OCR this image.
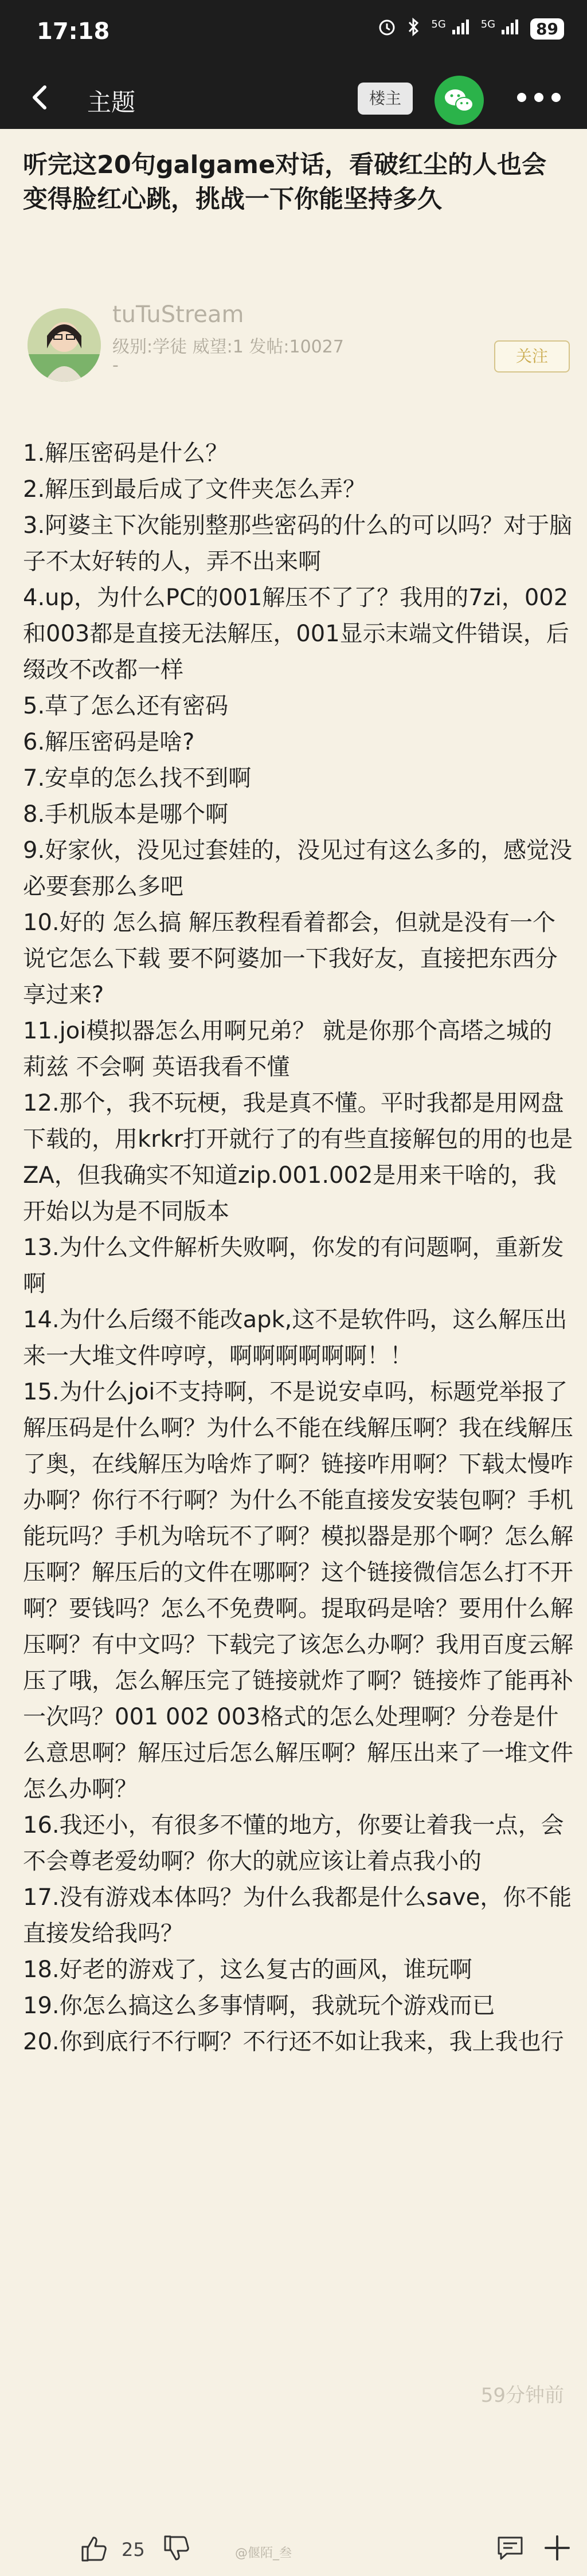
17:18	$^{5G}$	$^{5G}$	89
主题	楼主
听完这20句galgame对话，看破红尘的人也会变得脸红心跳，挑战一下你能坚持多久
tuTuStream
级别:学徒 威望:1 发帖:10027
-	关注

1.解压密码是什么？

2.解压到最后成了文件夹怎么弄？

3.阿婆主下次能别整那些密码的什么的可以吗？对于脑子不太好转的人，弄不出来啊

4.up，为什么PC的001解压不了了？我用的7zi，002和003都是直接无法解压，001显示末端文件错误，后缀改不改都一样

5.草了怎么还有密码

6.解压密码是啥?

7.安卓的怎么找不到啊

8.手机版本是哪个啊

9.好家伙，没见过套娃的，没见过有这么多的，感觉没必要套那么多吧

10.好的 怎么搞 解压教程看着都会，但就是没有一个说它怎么下载 要不阿婆加一下我好友，直接把东西分享过来?

11.joi模拟器怎么用啊兄弟？ 就是你那个高塔之城的莉兹 不会啊 英语我看不懂

12.那个，我不玩梗，我是真不懂。平时我都是用网盘下载的，用krkr打开就行了的有些直接解包的用的也是ZA，但我确实不知道zip.001.002是用来干啥的，我开始以为是不同版本

13.为什么文件解析失败啊，你发的有问题啊，重新发啊

14.为什么后缀不能改apk,这不是软件吗，这么解压出来一大堆文件哼哼，啊啊啊啊啊啊！！

15.为什么joi不支持啊，不是说安卓吗，标题党举报了

解压码是什么啊？为什么不能在线解压啊？我在线解压了奥，在线解压为啥炸了啊？链接咋用啊？下载太慢咋办啊？你行不行啊？为什么不能直接发安装包啊？手机能玩吗？手机为啥玩不了啊？模拟器是那个啊？怎么解压啊？解压后的文件在哪啊？这个链接微信怎么打不开啊？要钱吗？怎么不免费啊。提取码是啥？要用什么解压啊？有中文吗？下载完了该怎么办啊？我用百度云解压了哦，怎么解压完了链接就炸了啊？链接炸了能再补一次吗？001 002 003格式的怎么处理啊？分卷是什么意思啊？解压过后怎么解压啊？解压出来了一堆文件怎么办啊？

16.我还小，有很多不懂的地方，你要让着我一点，会不会尊老爱幼啊？你大的就应该让着点我小的

17.没有游戏本体吗？为什么我都是什么save，你不能直接发给我吗？

18.好老的游戏了，这么复古的画风，谁玩啊

19.你怎么搞这么多事情啊，我就玩个游戏而已

20.你到底行不行啊？不行还不如让我来，我上我也行

59分钟前
25	@偃陌_叁
